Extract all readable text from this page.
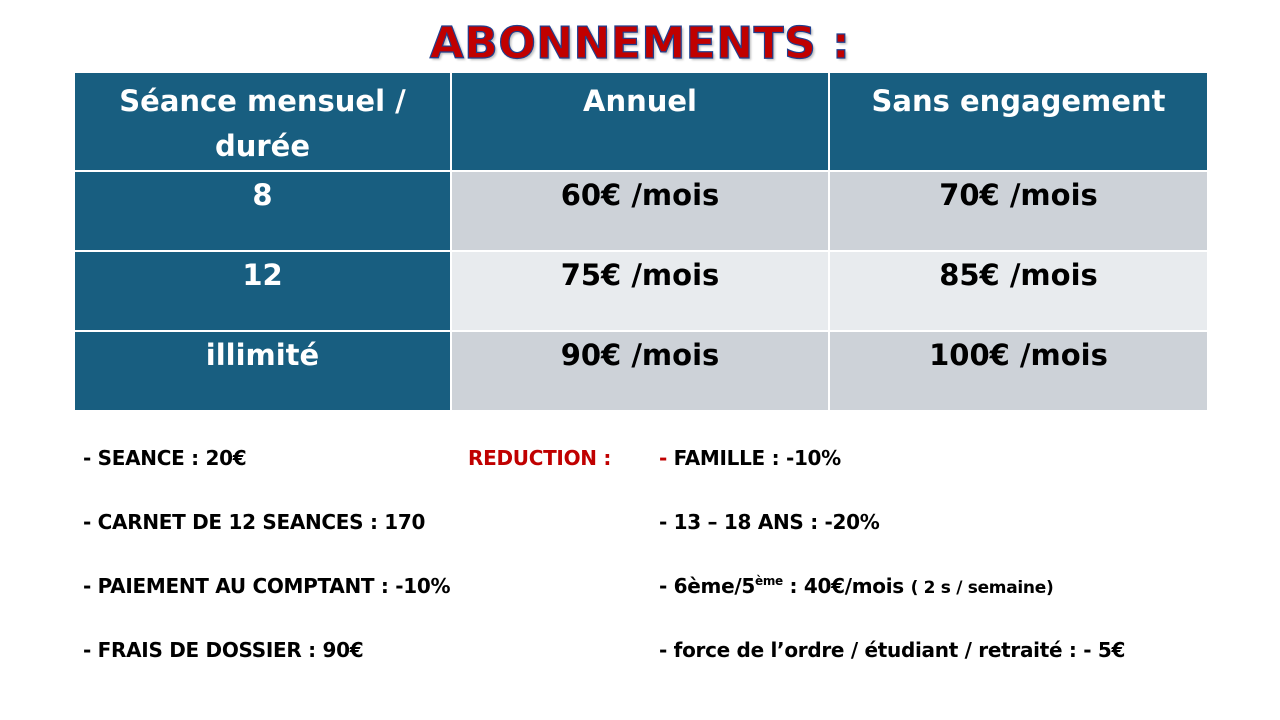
ABONNEMENTS :
Séance mensuel / durée	Annuel	Sans engagement
8	60€ /mois	70€ /mois
12	75€ /mois	85€ /mois
illimité	90€ /mois	100€ /mois
- SEANCE : 20€
- CARNET DE 12 SEANCES : 170
- PAIEMENT AU COMPTANT : -10%
- FRAIS DE DOSSIER : 90€
REDUCTION : - FAMILLE : -10%
- 13 – 18 ANS : -20%
- 6ème/5ème : 40€/mois ( 2 s / semaine)
- force de l’ordre / étudiant / retraité : - 5€
